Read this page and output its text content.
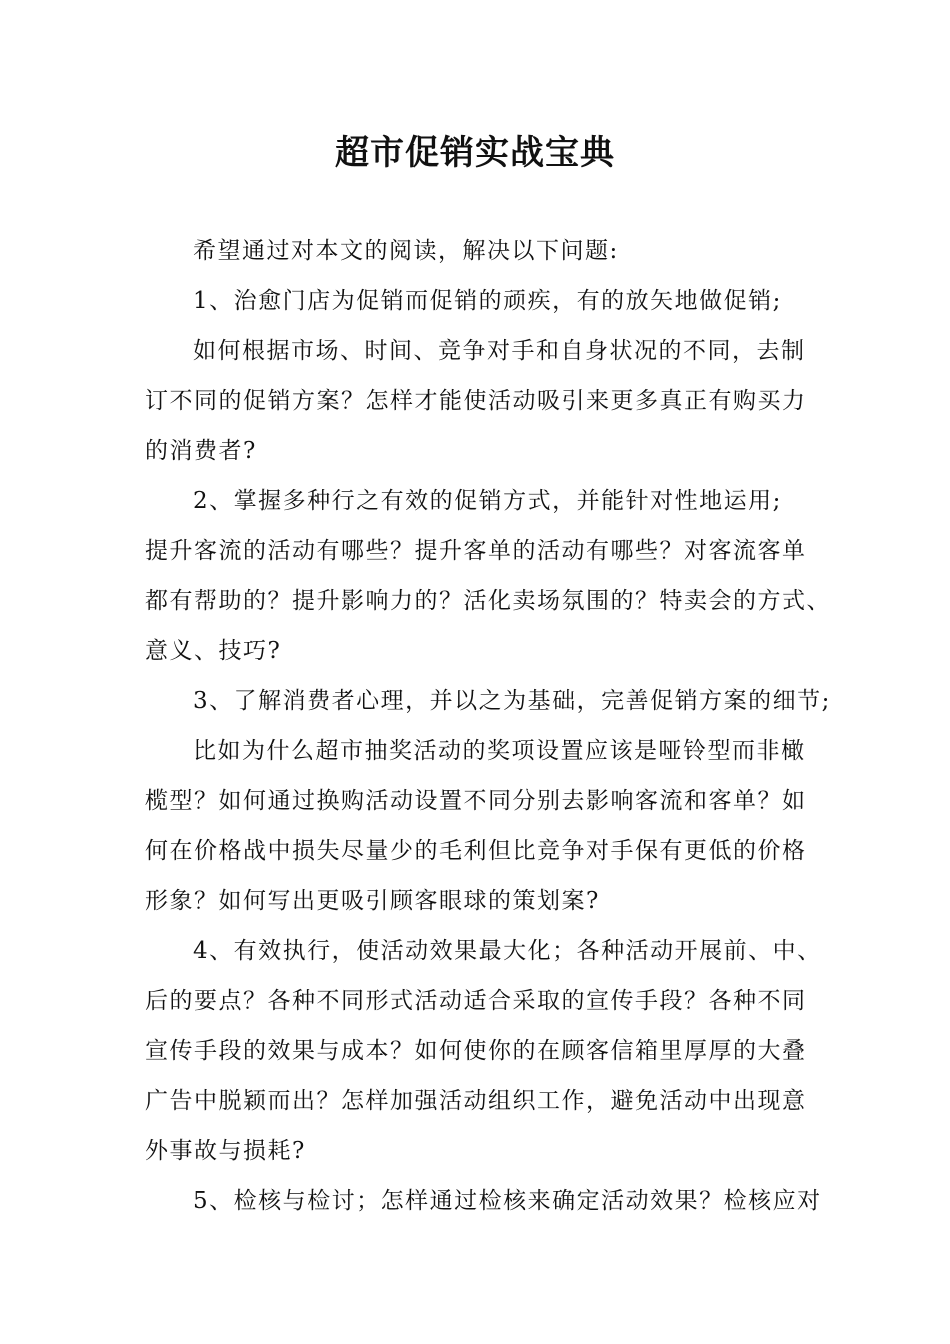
超市促销实战宝典
希望通过对本文的阅读，解决以下问题:
1、治愈门店为促销而促销的顽疾，有的放矢地做促销;
如何根据市场、时间、竞争对手和自身状况的不同，去制
订不同的促销方案？怎样才能使活动吸引来更多真正有购买力
的消费者?
2、掌握多种行之有效的促销方式，并能针对性地运用;
提升客流的活动有哪些？提升客单的活动有哪些？对客流客单
都有帮助的？提升影响力的？活化卖场氛围的？特卖会的方式、
意义、技巧?
3、了解消费者心理，并以之为基础，完善促销方案的细节;
比如为什么超市抽奖活动的奖项设置应该是哑铃型而非橄
榄型？如何通过换购活动设置不同分别去影响客流和客单？如
何在价格战中损失尽量少的毛利但比竞争对手保有更低的价格
形象？如何写出更吸引顾客眼球的策划案?
4、有效执行，使活动效果最大化；各种活动开展前、中、
后的要点？各种不同形式活动适合采取的宣传手段？各种不同
宣传手段的效果与成本？如何使你的在顾客信箱里厚厚的大叠
广告中脱颖而出？怎样加强活动组织工作，避免活动中出现意
外事故与损耗?
5、检核与检讨；怎样通过检核来确定活动效果？检核应对
